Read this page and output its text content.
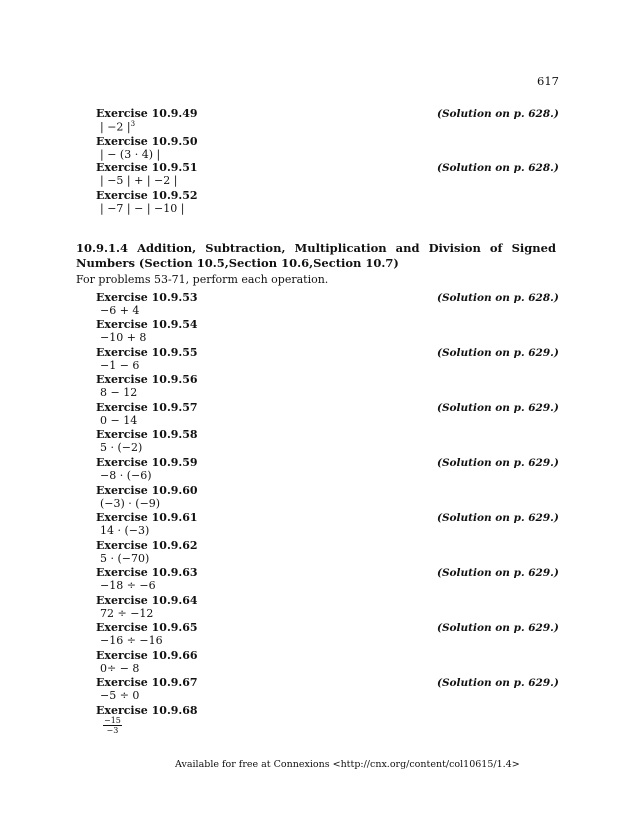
617
Exercise 10.9.49
| −2 $|^3$
(Solution on p. 628.)
Exercise 10.9.50
| − (3 · 4) |
Exercise 10.9.51
| −5 | + | −2 |
(Solution on p. 628.)
Exercise 10.9.52
| −7 | − | −10 |
10.9.1.4 Addition, Subtraction, Multiplication and Division of Signed Numbers (Section 10.5,Section 10.6,Section 10.7)
For problems 53-71, perform each operation.
Exercise 10.9.53
−6 + 4
(Solution on p. 628.)
Exercise 10.9.54
−10 + 8
Exercise 10.9.55
−1 − 6
(Solution on p. 629.)
Exercise 10.9.56
8 − 12
Exercise 10.9.57
0 − 14
(Solution on p. 629.)
Exercise 10.9.58
5 · (−2)
Exercise 10.9.59
−8 · (−6)
(Solution on p. 629.)
Exercise 10.9.60
(−3) · (−9)
Exercise 10.9.61
14 · (−3)
(Solution on p. 629.)
Exercise 10.9.62
5 · (−70)
Exercise 10.9.63
−18 ÷ −6
(Solution on p. 629.)
Exercise 10.9.64
72 ÷ −12
Exercise 10.9.65
−16 ÷ −16
(Solution on p. 629.)
Exercise 10.9.66
0÷ − 8
Exercise 10.9.67
−5 ÷ 0
(Solution on p. 629.)
Exercise 10.9.68
$\frac{-15}{-3}$
Available for free at Connexions <http://cnx.org/content/col10615/1.4>
